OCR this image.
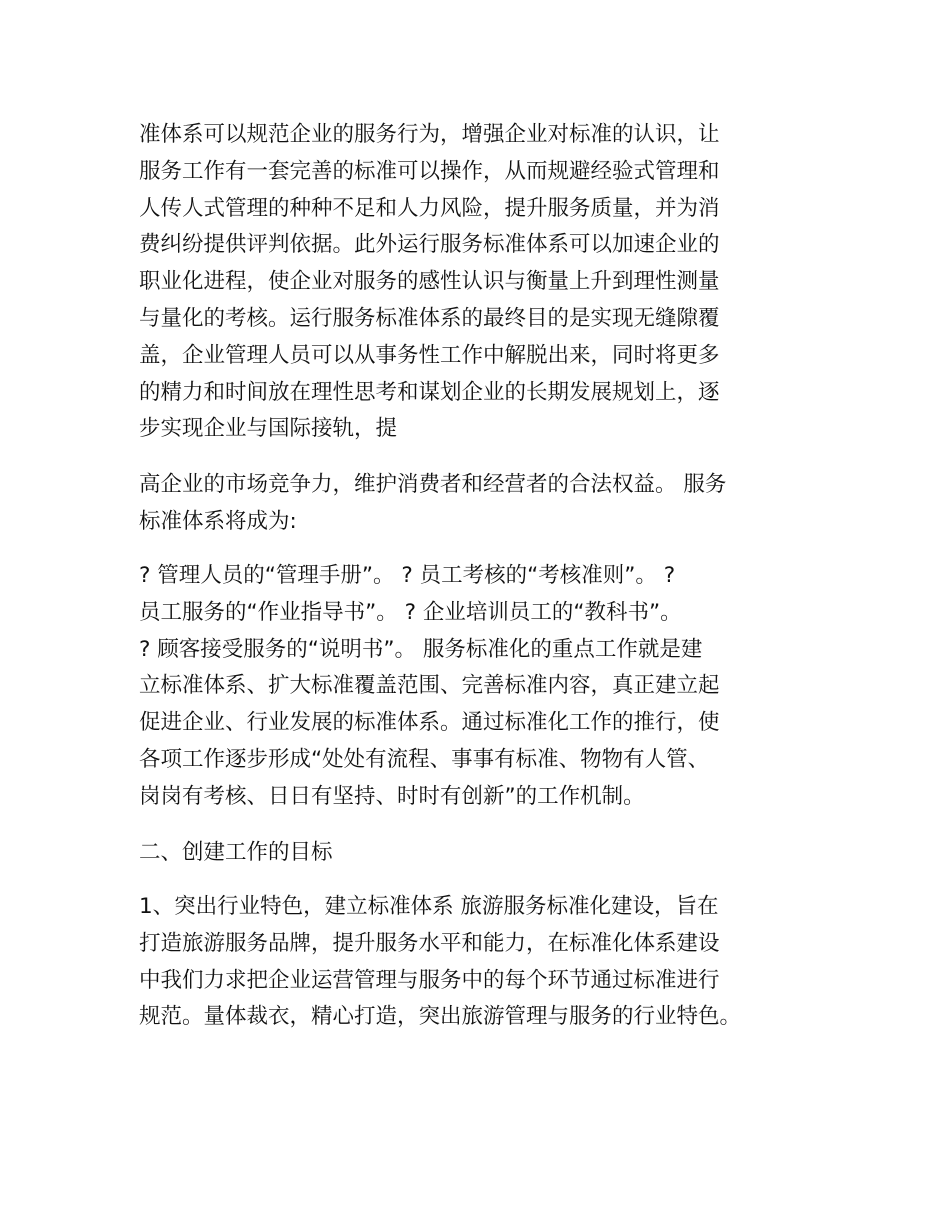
准体系可以规范企业的服务行为，增强企业对标准的认识，让
服务工作有一套完善的标准可以操作，从而规避经验式管理和
人传人式管理的种种不足和人力风险，提升服务质量，并为消
费纠纷提供评判依据。此外运行服务标准体系可以加速企业的
职业化进程，使企业对服务的感性认识与衡量上升到理性测量
与量化的考核。运行服务标准体系的最终目的是实现无缝隙覆
盖，企业管理人员可以从事务性工作中解脱出来，同时将更多
的精力和时间放在理性思考和谋划企业的长期发展规划上，逐
步实现企业与国际接轨，提

高企业的市场竞争力，维护消费者和经营者的合法权益。 服务
标准体系将成为:

? 管理人员的“管理手册”。 ? 员工考核的“考核准则”。 ?
员工服务的“作业指导书”。 ? 企业培训员工的“教科书”。
? 顾客接受服务的“说明书”。 服务标准化的重点工作就是建
立标准体系、扩大标准覆盖范围、完善标准内容，真正建立起
促进企业、行业发展的标准体系。通过标准化工作的推行，使
各项工作逐步形成“处处有流程、事事有标准、物物有人管、
岗岗有考核、日日有坚持、时时有创新”的工作机制。

二、创建工作的目标

1、突出行业特色，建立标准体系 旅游服务标准化建设，旨在
打造旅游服务品牌，提升服务水平和能力，在标准化体系建设
中我们力求把企业运营管理与服务中的每个环节通过标准进行
规范。量体裁衣，精心打造，突出旅游管理与服务的行业特色。
